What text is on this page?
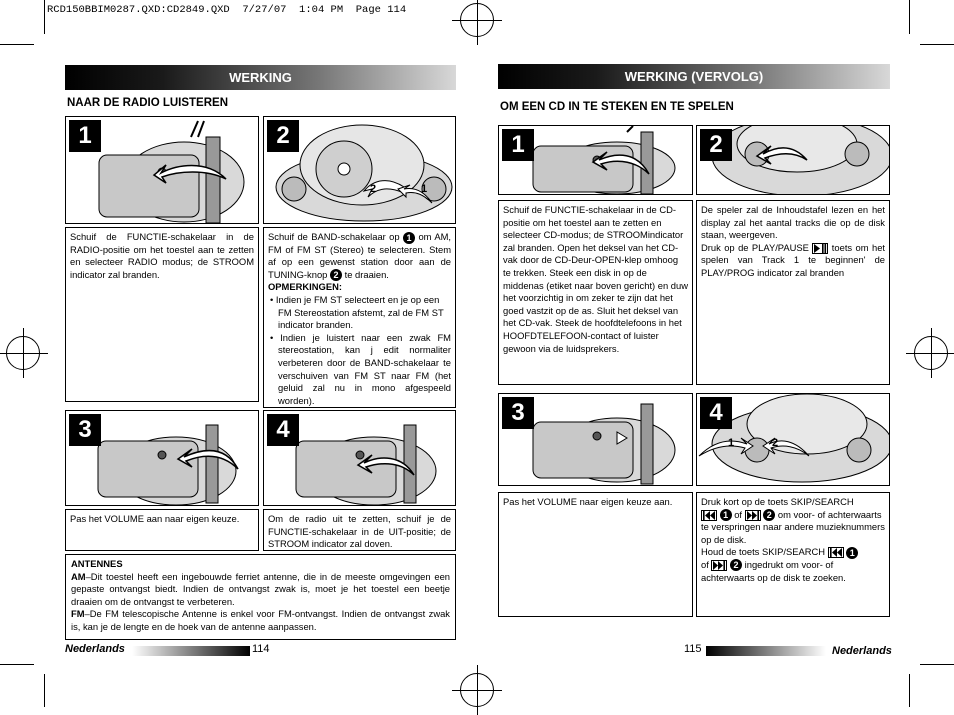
RCD150BBIM0287.QXD:CD2849.QXD  7/27/07  1:04 PM  Page 114
WERKING
NAAR DE RADIO LUISTEREN
1	2
2	1
Schuif de FUNCTIE-schakelaar in de RADIO-positie om het toestel aan te zetten en selecteer RADIO modus; de STROOM indicator zal branden.
Schuif de BAND-schakelaar op 1 om AM, FM of FM ST (Stereo) te selecteren. Stem af op een gewenst station door aan de TUNING-knop 2 te draaien.
OPMERKINGEN:
• Indien je FM ST selecteert en je op een FM Stereostation afstemt, zal de FM ST indicator branden.
• Indien je luistert naar een zwak FM stereostation, kan j edit normaliter verbeteren door de BAND-schakelaar te verschuiven van FM ST naar FM (het geluid zal nu in mono afgespeeld worden).
3	4
Pas het VOLUME aan naar eigen keuze.	Om de radio uit te zetten, schuif je de FUNCTIE-schakelaar in de UIT-positie; de STROOM indicator zal doven.
ANTENNES
AM–Dit toestel heeft een ingebouwde ferriet antenne, die in de meeste omgevingen een gepaste ontvangst biedt. Indien de ontvangst zwak is, moet je het toestel een beetje draaien om de ontvangst te verbeteren.
FM–De FM telescopische Antenne is enkel voor FM-ontvangst. Indien de ontvangst zwak is, kan je de lengte en de hoek van de antenne aanpassen.
Nederlands	114
WERKING (VERVOLG)
OM EEN CD IN TE STEKEN EN TE SPELEN
1	2
Schuif de FUNCTIE-schakelaar in de CD-positie om het toestel aan te zetten en selecteer CD-modus; de STROOMindicator zal branden. Open het deksel van het CD-vak door de CD-Deur-OPEN-klep omhoog te trekken. Steek een disk in op de middenas (etiket naar boven gericht) en duw het voorzichtig in om zeker te zijn dat het goed vastzit op de as. Sluit het deksel van het CD-vak. Steek de hoofdtelefoons in het HOOFDTELEFOON-contact of luister gewoon via de luidsprekers.
De speler zal de Inhoudstafel lezen en het display zal het aantal tracks die op de disk staan, weergeven.
Druk op de PLAY/PAUSE toets om het spelen van Track 1 te beginnen' de PLAY/PROG indicator zal branden
3	4
1	2
Pas het VOLUME naar eigen keuze aan.	Druk kort op de toets SKIP/SEARCH
1 of	2 om voor- of achterwaarts te verspringen naar andere muzieknummers op de disk.
Houd de toets SKIP/SEARCH	1
of	2 ingedrukt om voor- of achterwaarts op de disk te zoeken.
115	Nederlands
